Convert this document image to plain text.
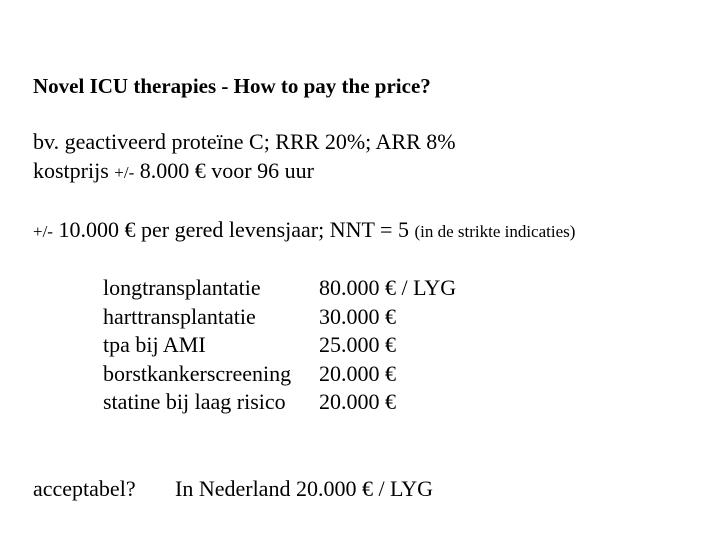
Novel ICU therapies - How to pay the price?
bv. geactiveerd proteïne C; RRR 20%; ARR 8%
kostprijs +/- 8.000 € voor 96 uur
+/- 10.000 € per gered levensjaar; NNT = 5 (in de strikte indicaties)
longtransplantatie	80.000 € / LYG
harttransplantatie	30.000 €
tpa bij AMI	25.000 €
borstkankerscreening	20.000 €
statine bij laag risico	20.000 €
acceptabel? In Nederland 20.000 € / LYG
